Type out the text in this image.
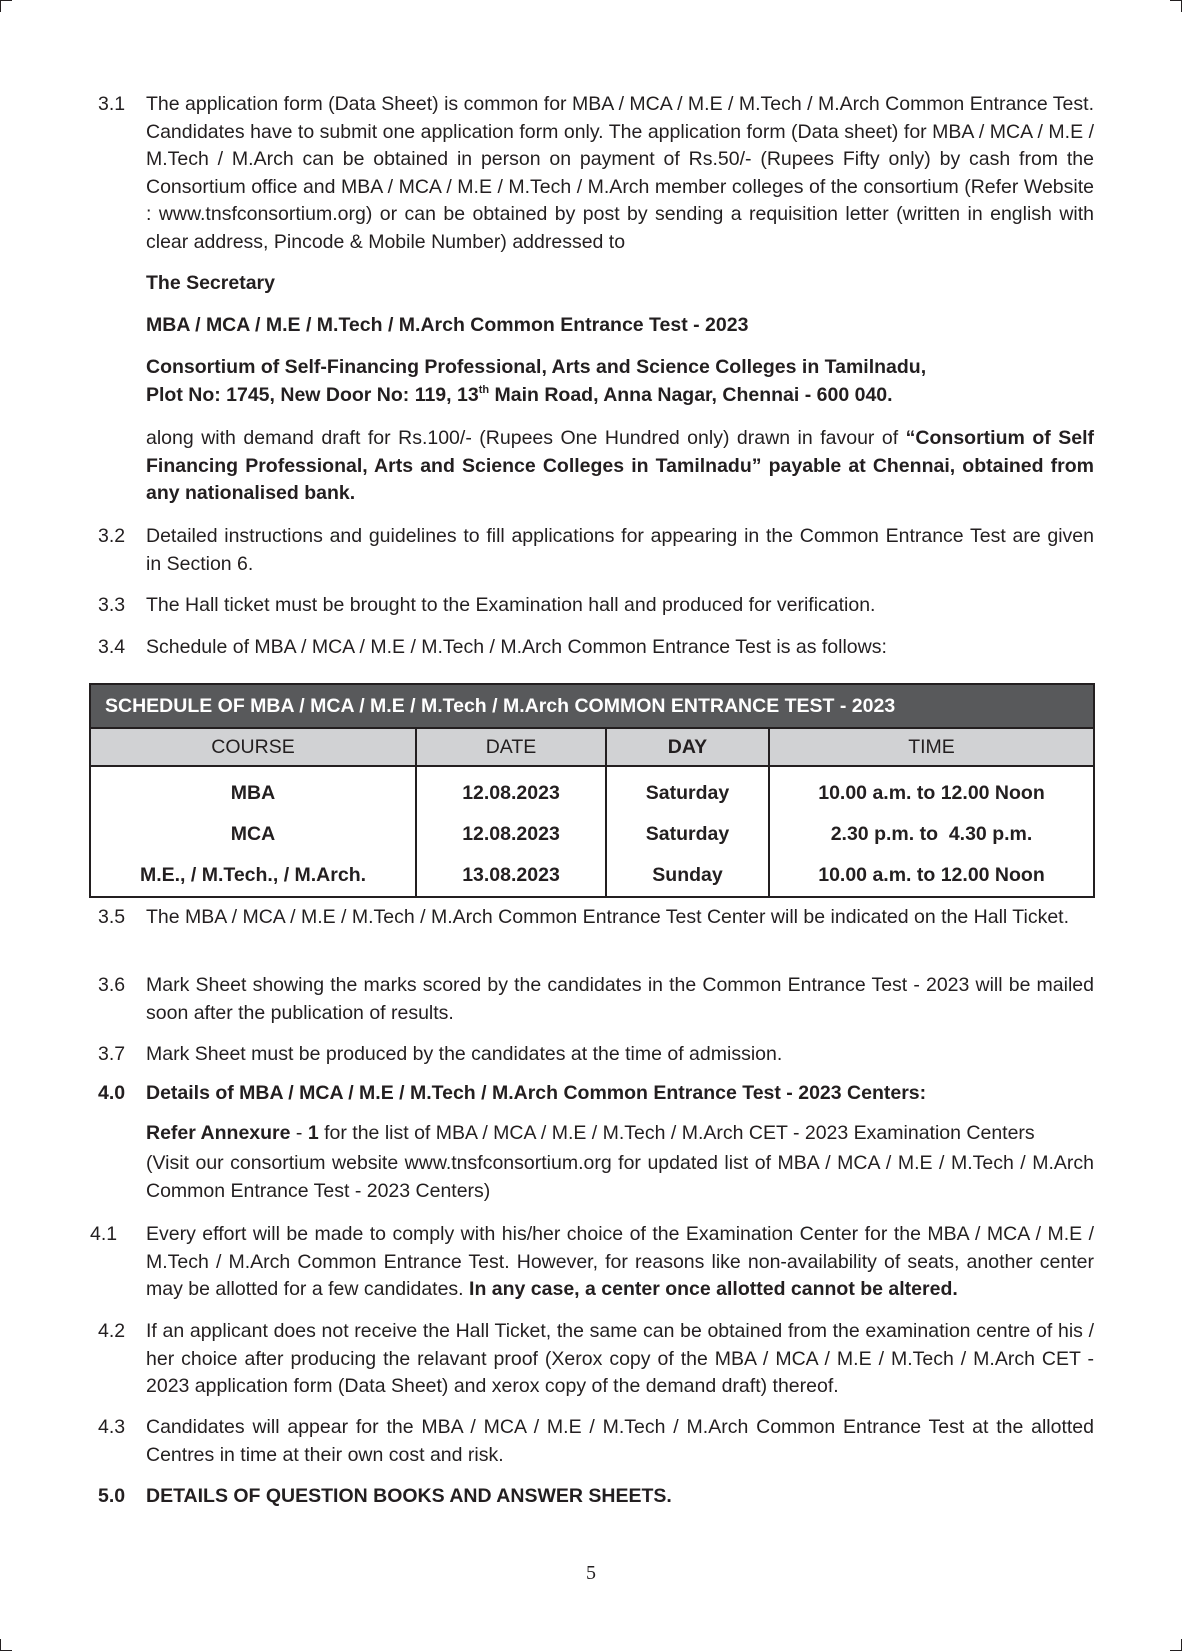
3.1	The application form (Data Sheet) is common for MBA / MCA / M.E / M.Tech / M.Arch Common Entrance Test. Candidates have to submit one application form only. The application form (Data sheet) for MBA / MCA / M.E / M.Tech / M.Arch can be obtained in person on payment of Rs.50/- (Rupees Fifty only) by cash from the Consortium office and MBA / MCA / M.E / M.Tech / M.Arch member colleges of the consortium (Refer Website : www.tnsfconsortium.org) or can be obtained by post by sending a requisition letter (written in english with clear address, Pincode & Mobile Number) addressed to
The Secretary
MBA / MCA / M.E / M.Tech / M.Arch Common Entrance Test - 2023
Consortium of Self-Financing Professional, Arts and Science Colleges in Tamilnadu,
Plot No: 1745, New Door No: 119, 13th Main Road, Anna Nagar, Chennai - 600 040.
along with demand draft for Rs.100/- (Rupees One Hundred only) drawn in favour of “Consortium of Self Financing Professional, Arts and Science Colleges in Tamilnadu” payable at Chennai, obtained from any nationalised bank.
3.2	Detailed instructions and guidelines to fill applications for appearing in the Common Entrance Test are given in Section 6.
3.3	The Hall ticket must be brought to the Examination hall and produced for verification.
3.4	Schedule of MBA / MCA / M.E / M.Tech / M.Arch Common Entrance Test is as follows:
SCHEDULE OF MBA / MCA / M.E / M.Tech / M.Arch COMMON ENTRANCE TEST - 2023			
COURSE	DATE	DAY	TIME
MBA	12.08.2023	Saturday	10.00 a.m. to 12.00 Noon
MCA	12.08.2023	Saturday	2.30 p.m. to  4.30 p.m.
M.E., / M.Tech., / M.Arch.	13.08.2023	Sunday	10.00 a.m. to 12.00 Noon
3.5	The MBA / MCA / M.E / M.Tech / M.Arch Common Entrance Test Center will be indicated on the Hall Ticket.
3.6	Mark Sheet showing the marks scored by the candidates in the Common Entrance Test - 2023 will be mailed soon after the publication of results.
3.7	Mark Sheet must be produced by the candidates at the time of admission.
4.0	Details of MBA / MCA / M.E / M.Tech / M.Arch Common Entrance Test - 2023 Centers:
Refer Annexure - 1 for the list of MBA / MCA / M.E / M.Tech / M.Arch CET - 2023 Examination Centers
(Visit our consortium website www.tnsfconsortium.org for updated list of MBA / MCA / M.E / M.Tech / M.Arch Common Entrance Test - 2023 Centers)
4.1	Every effort will be made to comply with his/her choice of the Examination Center for the MBA / MCA / M.E / M.Tech / M.Arch Common Entrance Test. However, for reasons like non-availability of seats, another center may be allotted for a few candidates. In any case, a center once allotted cannot be altered.
4.2	If an applicant does not receive the Hall Ticket, the same can be obtained from the examination centre of his / her choice after producing the relavant proof (Xerox copy of the MBA / MCA / M.E / M.Tech / M.Arch CET - 2023 application form (Data Sheet) and xerox copy of the demand draft) thereof.
4.3	Candidates will appear for the MBA / MCA / M.E / M.Tech / M.Arch Common Entrance Test at the allotted Centres in time at their own cost and risk.
5.0	DETAILS OF QUESTION BOOKS AND ANSWER SHEETS.
5
